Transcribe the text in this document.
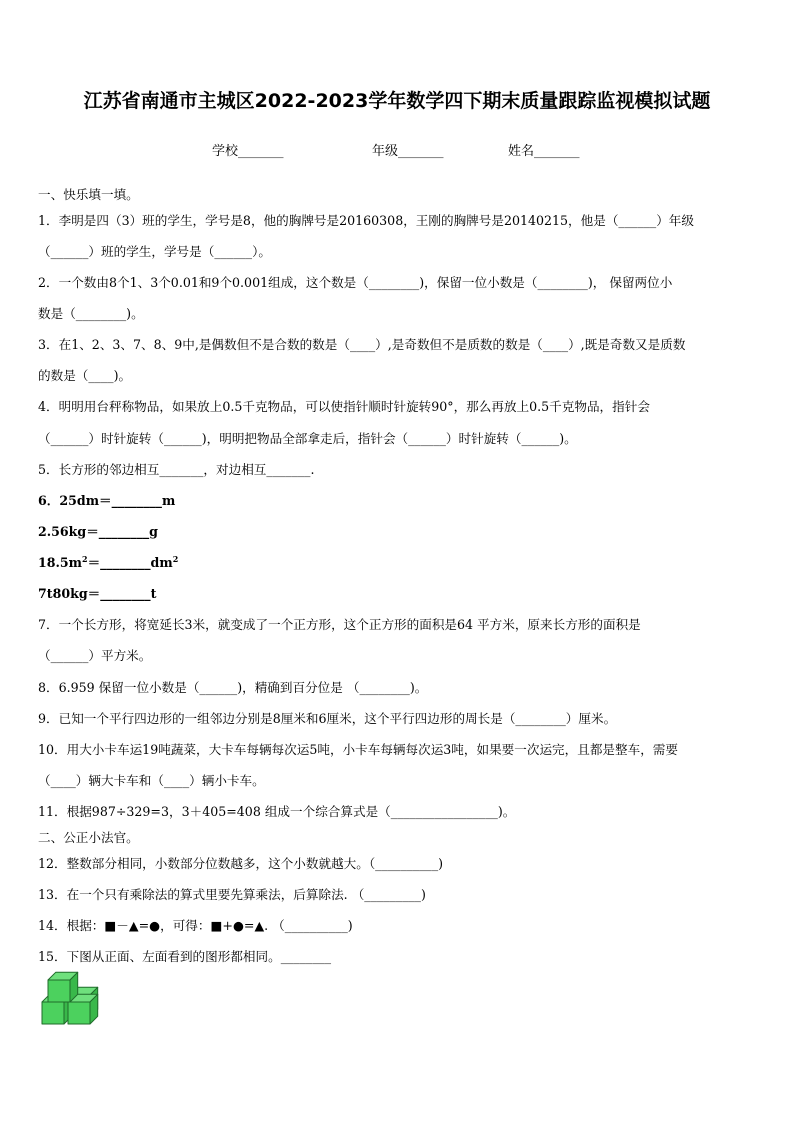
江苏省南通市主城区2022-2023学年数学四下期末质量跟踪监视模拟试题
学校_______	年级_______	姓名_______
一、快乐填一填。
1．李明是四（3）班的学生，学号是8，他的胸牌号是20160308，王刚的胸牌号是20140215，他是（______）年级
（______）班的学生，学号是（______）。
2．一个数由8个1、3个0.01和9个0.001组成，这个数是（________)，保留一位小数是（________)， 保留两位小
数是（________)。
3．在1、2、3、7、8、9中,是偶数但不是合数的数是（____）,是奇数但不是质数的数是（____）,既是奇数又是质数
的数是（____)。
4．明明用台秤称物品，如果放上0.5千克物品，可以使指针顺时针旋转90°，那么再放上0.5千克物品，指针会
（______）时针旋转（______)，明明把物品全部拿走后，指针会（______）时针旋转（______)。
5．长方形的邻边相互_______，对边相互_______.
6．25dm＝________m
2.56kg＝________g
$18.5m^2=\_\_\_\_\_\_\_\_dm^2$
7t80kg＝________t
7．一个长方形，将宽延长3米，就变成了一个正方形，这个正方形的面积是64 平方米，原来长方形的面积是
（______）平方米。
8．6.959 保留一位小数是（______)，精确到百分位是 （________)。
9．已知一个平行四边形的一组邻边分别是8厘米和6厘米，这个平行四边形的周长是（________）厘米。
10．用大小卡车运19吨蔬菜，大卡车每辆每次运5吨，小卡车每辆每次运3吨，如果要一次运完，且都是整车，需要
（____）辆大卡车和（____）辆小卡车。
11．根据987÷329=3，3＋405=408 组成一个综合算式是（_________________)。
二、公正小法官。
12．整数部分相同，小数部分位数越多，这个小数就越大。（__________)
13．在一个只有乘除法的算式里要先算乘法，后算除法. （_________)
14．根据：■－▲=●，可得：■+●=▲. （__________)
15．下图从正面、左面看到的图形都相同。________
